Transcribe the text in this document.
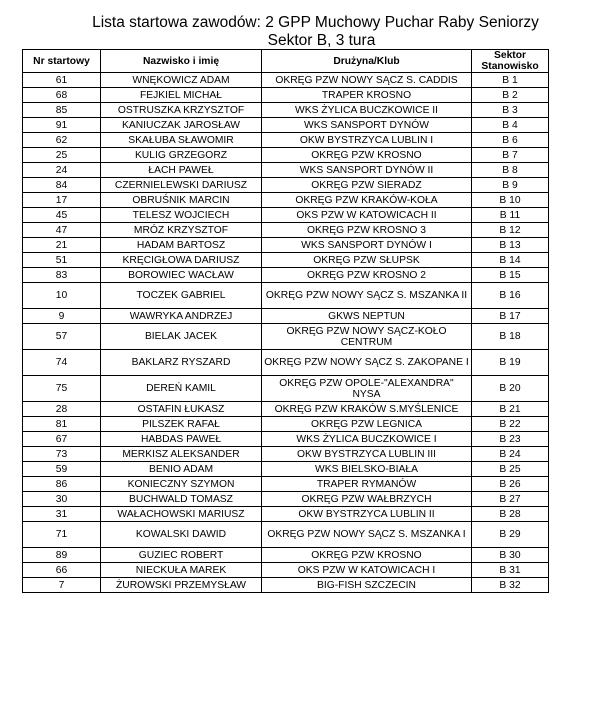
Lista startowa zawodów: 2 GPP Muchowy Puchar Raby Seniorzy
Sektor B, 3 tura
Nr startowy	Nazwisko i imię	Drużyna/Klub	Sektor Stanowisko
61	WNĘKOWICZ ADAM	OKRĘG PZW NOWY SĄCZ S. CADDIS	B 1
68	FEJKIEL MICHAŁ	TRAPER KROSNO	B 2
85	OSTRUSZKA KRZYSZTOF	WKS ŻYLICA BUCZKOWICE II	B 3
91	KANIUCZAK JAROSŁAW	WKS SANSPORT DYNÓW	B 4
62	SKAŁUBA SŁAWOMIR	OKW BYSTRZYCA LUBLIN I	B 6
25	KULIG GRZEGORZ	OKRĘG PZW KROSNO	B 7
24	ŁACH PAWEŁ	WKS SANSPORT DYNÓW II	B 8
84	CZERNIELEWSKI DARIUSZ	OKRĘG PZW SIERADZ	B 9
17	OBRUŚNIK MARCIN	OKRĘG PZW KRAKÓW-KOŁA	B 10
45	TELESZ WOJCIECH	OKS PZW W KATOWICACH II	B 11
47	MRÓZ KRZYSZTOF	OKRĘG PZW KROSNO 3	B 12
21	HADAM BARTOSZ	WKS SANSPORT DYNÓW I	B 13
51	KRĘCIGŁOWA DARIUSZ	OKRĘG PZW SŁUPSK	B 14
83	BOROWIEC WACŁAW	OKRĘG PZW KROSNO 2	B 15
10	TOCZEK GABRIEL	OKRĘG PZW NOWY SĄCZ S. MSZANKA II	B 16
9	WAWRYKA ANDRZEJ	GKWS NEPTUN	B 17
57	BIELAK JACEK	OKRĘG PZW NOWY SĄCZ-KOŁO CENTRUM	B 18
74	BAKLARZ RYSZARD	OKRĘG PZW NOWY SĄCZ S. ZAKOPANE I	B 19
75	DEREŃ KAMIL	OKRĘG PZW OPOLE-"ALEXANDRA" NYSA	B 20
28	OSTAFIN ŁUKASZ	OKRĘG PZW KRAKÓW S.MYŚLENICE	B 21
81	PILSZEK RAFAŁ	OKRĘG PZW LEGNICA	B 22
67	HABDAS PAWEŁ	WKS ŻYLICA BUCZKOWICE I	B 23
73	MERKISZ ALEKSANDER	OKW BYSTRZYCA LUBLIN III	B 24
59	BENIO ADAM	WKS BIELSKO-BIAŁA	B 25
86	KONIECZNY SZYMON	TRAPER RYMANÓW	B 26
30	BUCHWALD TOMASZ	OKRĘG PZW WAŁBRZYCH	B 27
31	WAŁACHOWSKI MARIUSZ	OKW BYSTRZYCA LUBLIN II	B 28
71	KOWALSKI DAWID	OKRĘG PZW NOWY SĄCZ S. MSZANKA I	B 29
89	GUZIEC ROBERT	OKRĘG PZW KROSNO	B 30
66	NIECKUŁA MAREK	OKS PZW W KATOWICACH I	B 31
7	ŻUROWSKI PRZEMYSŁAW	BIG-FISH SZCZECIN	B 32
